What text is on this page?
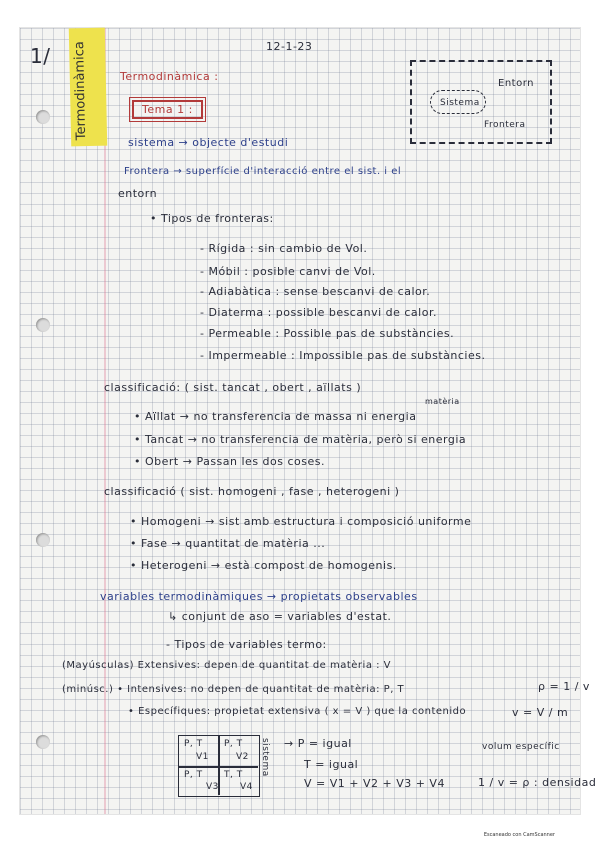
Termodinàmica
1/	12-1-23
Termodinàmica :
Tema 1 :
Entorn
Sistema
Frontera
sistema → objecte d'estudi
Frontera → superfície d'interacció entre el sist. i el
entorn
• Tipos de fronteras:
- Rígida : sin cambio de Vol.
- Móbil : posible canvi de Vol.
- Adiabàtica : sense bescanvi de calor.
- Diaterma : possible bescanvi de calor.
- Permeable : Possible pas de substàncies.
- Impermeable : Impossible pas de substàncies.
classificació: ( sist. tancat , obert , aïllats )
matèria
• Aïllat → no transferencia de massa ni energia
• Tancat → no transferencia de matèria, però si energia
• Obert → Passan les dos coses.
classificació ( sist. homogeni , fase , heterogeni )
• Homogeni → sist amb estructura i composició uniforme
• Fase → quantitat de matèria ...
• Heterogeni → està compost de homogenis.
variables termodinàmiques → propietats observables
↳ conjunt de aso = variables d'estat.
- Tipos de variables termo:
(Mayúsculas) Extensives: depen de quantitat de matèria : V
(minúsc.) • Intensives: no depen de quantitat de matèria: P, T
• Específiques: propietat extensiva ( x = V ) que la contenido	v = V / m
ρ = 1 / v
P, T
V1
P, T
V2
P, T
V3
T, T
V4
sistema → P = igual
T = igual
V = V1 + V2 + V3 + V4
volum específic
1 / v = ρ : densidad
Escaneado con CamScanner
